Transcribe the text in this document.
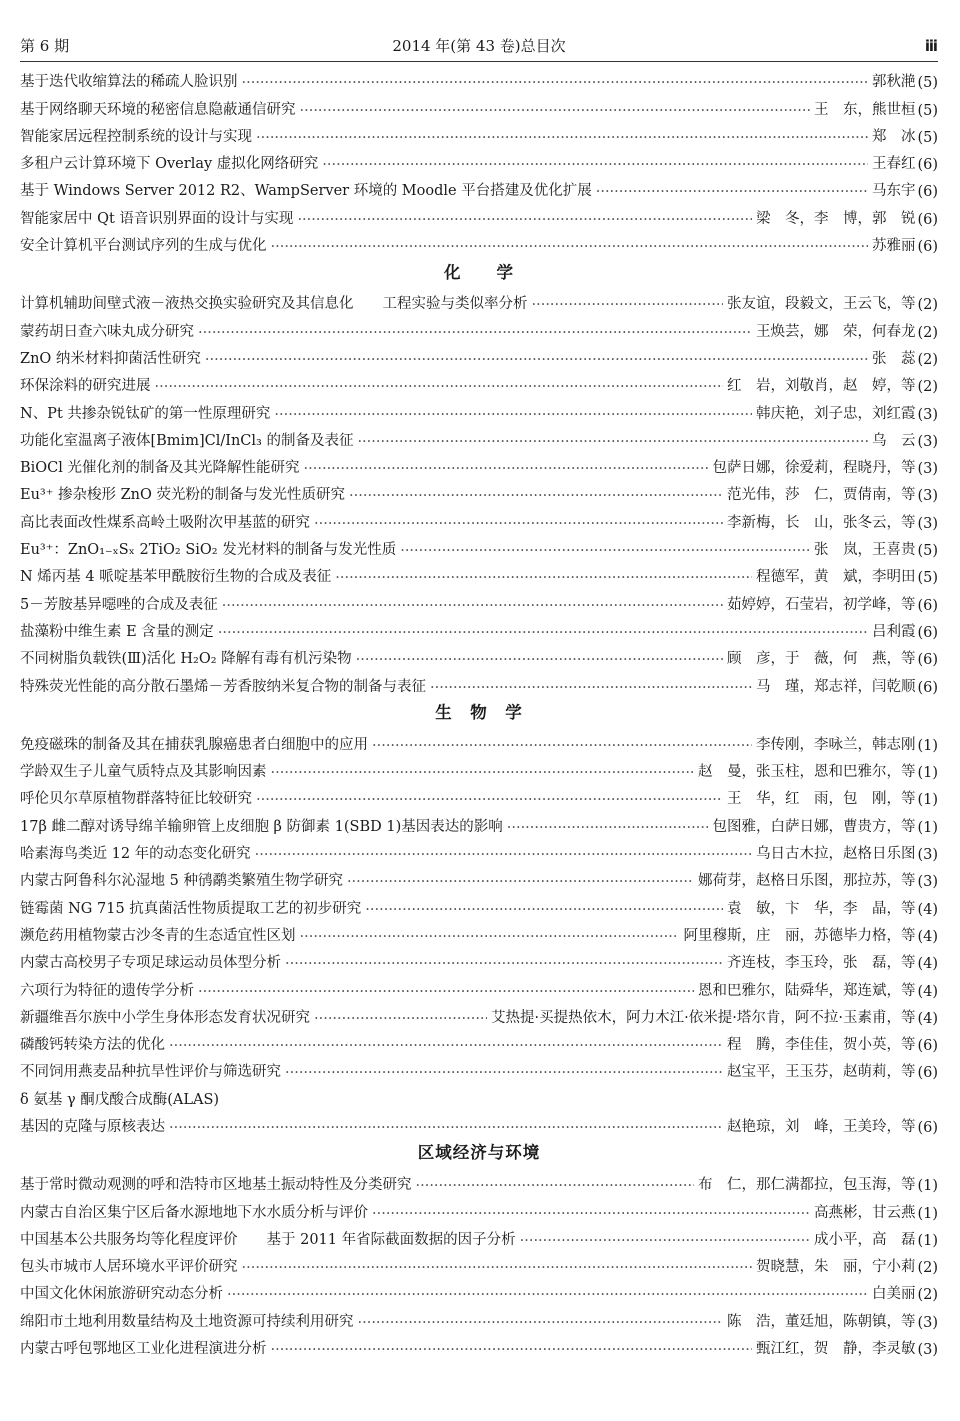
第 6 期	2014 年(第 43 卷)总目次	ⅲ
基于迭代收缩算法的稀疏人脸识别 ·····	郭秋滟 (5)
基于网络聊天环境的秘密信息隐蔽通信研究 ·····	王　东，熊世桓 (5)
智能家居远程控制系统的设计与实现 ·····	郑　冰 (5)
多租户云计算环境下 Overlay 虚拟化网络研究 ·····	王春红 (6)
基于 Windows Server 2012 R2、WampServer 环境的 Moodle 平台搭建及优化扩展 ·····	马东宇 (6)
智能家居中 Qt 语音识别界面的设计与实现 ·····	梁　冬，李　博，郭　锐 (6)
安全计算机平台测试序列的生成与优化 ·····	苏雅丽 (6)
化　　学
计算机辅助间壁式液－液热交换实验研究及其信息化　　工程实验与类似率分析 ·····	张友谊，段毅文，王云飞，等 (2)
蒙药胡日查六味丸成分研究 ·····	王焕芸，娜　荣，何春龙 (2)
ZnO 纳米材料抑菌活性研究 ·····	张　蕊 (2)
环保涂料的研究进展 ·····	红　岩，刘敬肖，赵　婷，等 (2)
N、Pt 共掺杂锐钛矿的第一性原理研究 ·····	韩庆艳，刘子忠，刘红霞 (3)
功能化室温离子液体[Bmim]Cl/InCl₃ 的制备及表征 ·····	乌　云 (3)
BiOCl 光催化剂的制备及其光降解性能研究 ·····	包萨日娜，徐爱莉，程晓丹，等 (3)
Eu³⁺ 掺杂梭形 ZnO 荧光粉的制备与发光性质研究 ·····	范光伟，莎　仁，贾倩南，等 (3)
高比表面改性煤系高岭土吸附次甲基蓝的研究 ·····	李新梅，长　山，张冬云，等 (3)
Eu³⁺：ZnO₁₋ₓSₓ 2TiO₂ SiO₂ 发光材料的制备与发光性质 ·····	张　岚，王喜贵 (5)
N 烯丙基 4 哌啶基苯甲酰胺衍生物的合成及表征 ·····	程德军，黄　斌，李明田 (5)
5－芳胺基异噁唑的合成及表征 ·····	茹婷婷，石莹岩，初学峰，等 (6)
盐藻粉中维生素 E 含量的测定 ·····	吕利霞 (6)
不同树脂负载铁(Ⅲ)活化 H₂O₂ 降解有毒有机污染物 ·····	顾　彦，于　薇，何　燕，等 (6)
特殊荧光性能的高分散石墨烯－芳香胺纳米复合物的制备与表征 ·····	马　瑾，郑志祥，闫乾顺 (6)
生　物　学
免疫磁珠的制备及其在捕获乳腺癌患者白细胞中的应用 ·····	李传刚，李咏兰，韩志刚 (1)
学龄双生子儿童气质特点及其影响因素 ·····	赵　曼，张玉柱，恩和巴雅尔，等 (1)
呼伦贝尔草原植物群落特征比较研究 ·····	王　华，红　雨，包　刚，等 (1)
17β 雌二醇对诱导绵羊输卵管上皮细胞 β 防御素 1(SBD 1)基因表达的影响 ·····	包图雅，白萨日娜，曹贵方，等 (1)
哈素海鸟类近 12 年的动态变化研究 ·····	乌日古木拉，赵格日乐图 (3)
内蒙古阿鲁科尔沁湿地 5 种鸻鹬类繁殖生物学研究 ·····	娜荷芽，赵格日乐图，那拉苏，等 (3)
链霉菌 NG 715 抗真菌活性物质提取工艺的初步研究 ·····	袁　敏，卞　华，李　晶，等 (4)
濒危药用植物蒙古沙冬青的生态适宜性区划 ·····	阿里穆斯，庄　丽，苏德毕力格，等 (4)
内蒙古高校男子专项足球运动员体型分析 ·····	齐连枝，李玉玲，张　磊，等 (4)
六项行为特征的遗传学分析 ·····	恩和巴雅尔，陆舜华，郑连斌，等 (4)
新疆维吾尔族中小学生身体形态发育状况研究 ·····	艾热提·买提热依木，阿力木江·依米提·塔尔肯，阿不拉·玉素甫，等 (4)
磷酸钙转染方法的优化 ·····	程　腾，李佳佳，贺小英，等 (6)
不同饲用燕麦品种抗旱性评价与筛选研究 ·····	赵宝平，王玉芬，赵萌莉，等 (6)
δ 氨基 γ 酮戊酸合成酶(ALAS)
基因的克隆与原核表达 ·····	赵艳琼，刘　峰，王美玲，等 (6)
区域经济与环境
基于常时微动观测的呼和浩特市区地基土振动特性及分类研究 ·····	布　仁，那仁满都拉，包玉海，等 (1)
内蒙古自治区集宁区后备水源地地下水水质分析与评价 ·····	高燕彬，甘云燕 (1)
中国基本公共服务均等化程度评价　　基于 2011 年省际截面数据的因子分析 ·····	成小平，高　磊 (1)
包头市城市人居环境水平评价研究 ·····	贺晓慧，朱　丽，宁小莉 (2)
中国文化休闲旅游研究动态分析 ·····	白美丽 (2)
绵阳市土地利用数量结构及土地资源可持续利用研究 ·····	陈　浩，董廷旭，陈朝镇，等 (3)
内蒙古呼包鄂地区工业化进程演进分析 ·····	甄江红，贺　静，李灵敏 (3)
